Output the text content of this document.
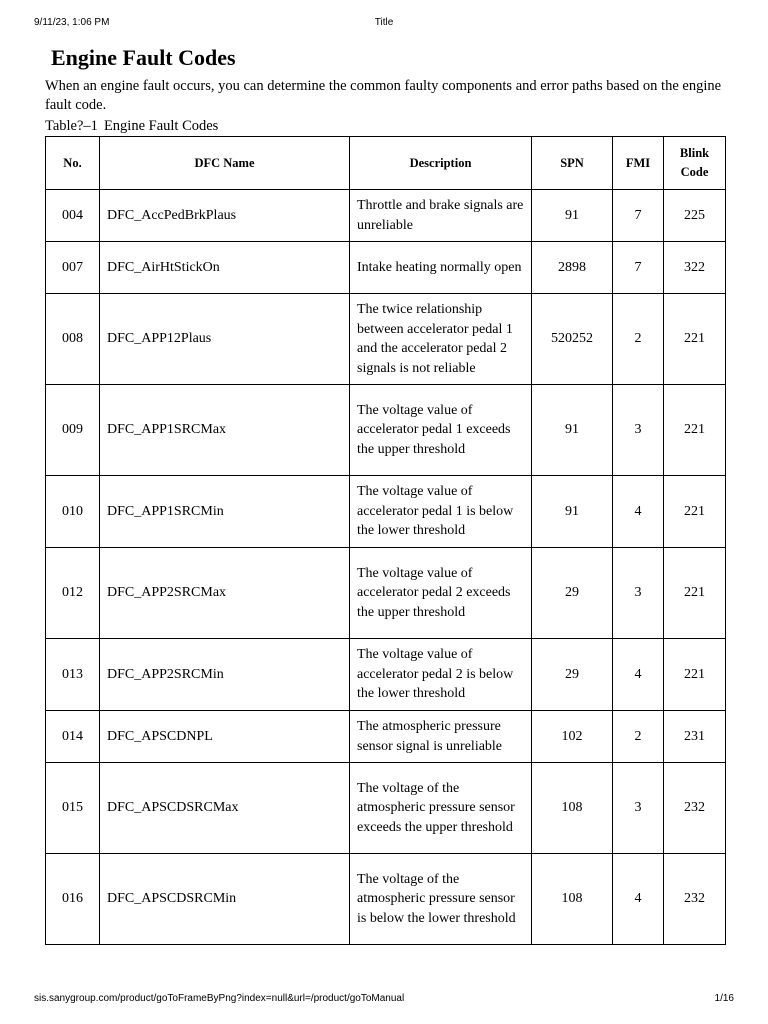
9/11/23, 1:06 PM	Title
Engine Fault Codes

When an engine fault occurs, you can determine the common faulty components and error paths based on the engine fault code.

Table?–1 Engine Fault Codes
No.	DFC Name	Description	SPN	FMI	Blink
Code
004	DFC_AccPedBrkPlaus	Throttle and brake signals are unreliable	91	7	225
007	DFC_AirHtStickOn	Intake heating normally open	2898	7	322
008	DFC_APP12Plaus	The twice relationship between accelerator pedal 1 and the accelerator pedal 2 signals is not reliable	520252	2	221
009	DFC_APP1SRCMax	The voltage value of accelerator pedal 1 exceeds the upper threshold	91	3	221
010	DFC_APP1SRCMin	The voltage value of accelerator pedal 1 is below the lower threshold	91	4	221
012	DFC_APP2SRCMax	The voltage value of accelerator pedal 2 exceeds the upper threshold	29	3	221
013	DFC_APP2SRCMin	The voltage value of accelerator pedal 2 is below the lower threshold	29	4	221
014	DFC_APSCDNPL	The atmospheric pressure sensor signal is unreliable	102	2	231
015	DFC_APSCDSRCMax	The voltage of the atmospheric pressure sensor exceeds the upper threshold	108	3	232
016	DFC_APSCDSRCMin	The voltage of the atmospheric pressure sensor is below the lower threshold	108	4	232
sis.sanygroup.com/product/goToFrameByPng?index=null&url=/product/goToManual	1/16
